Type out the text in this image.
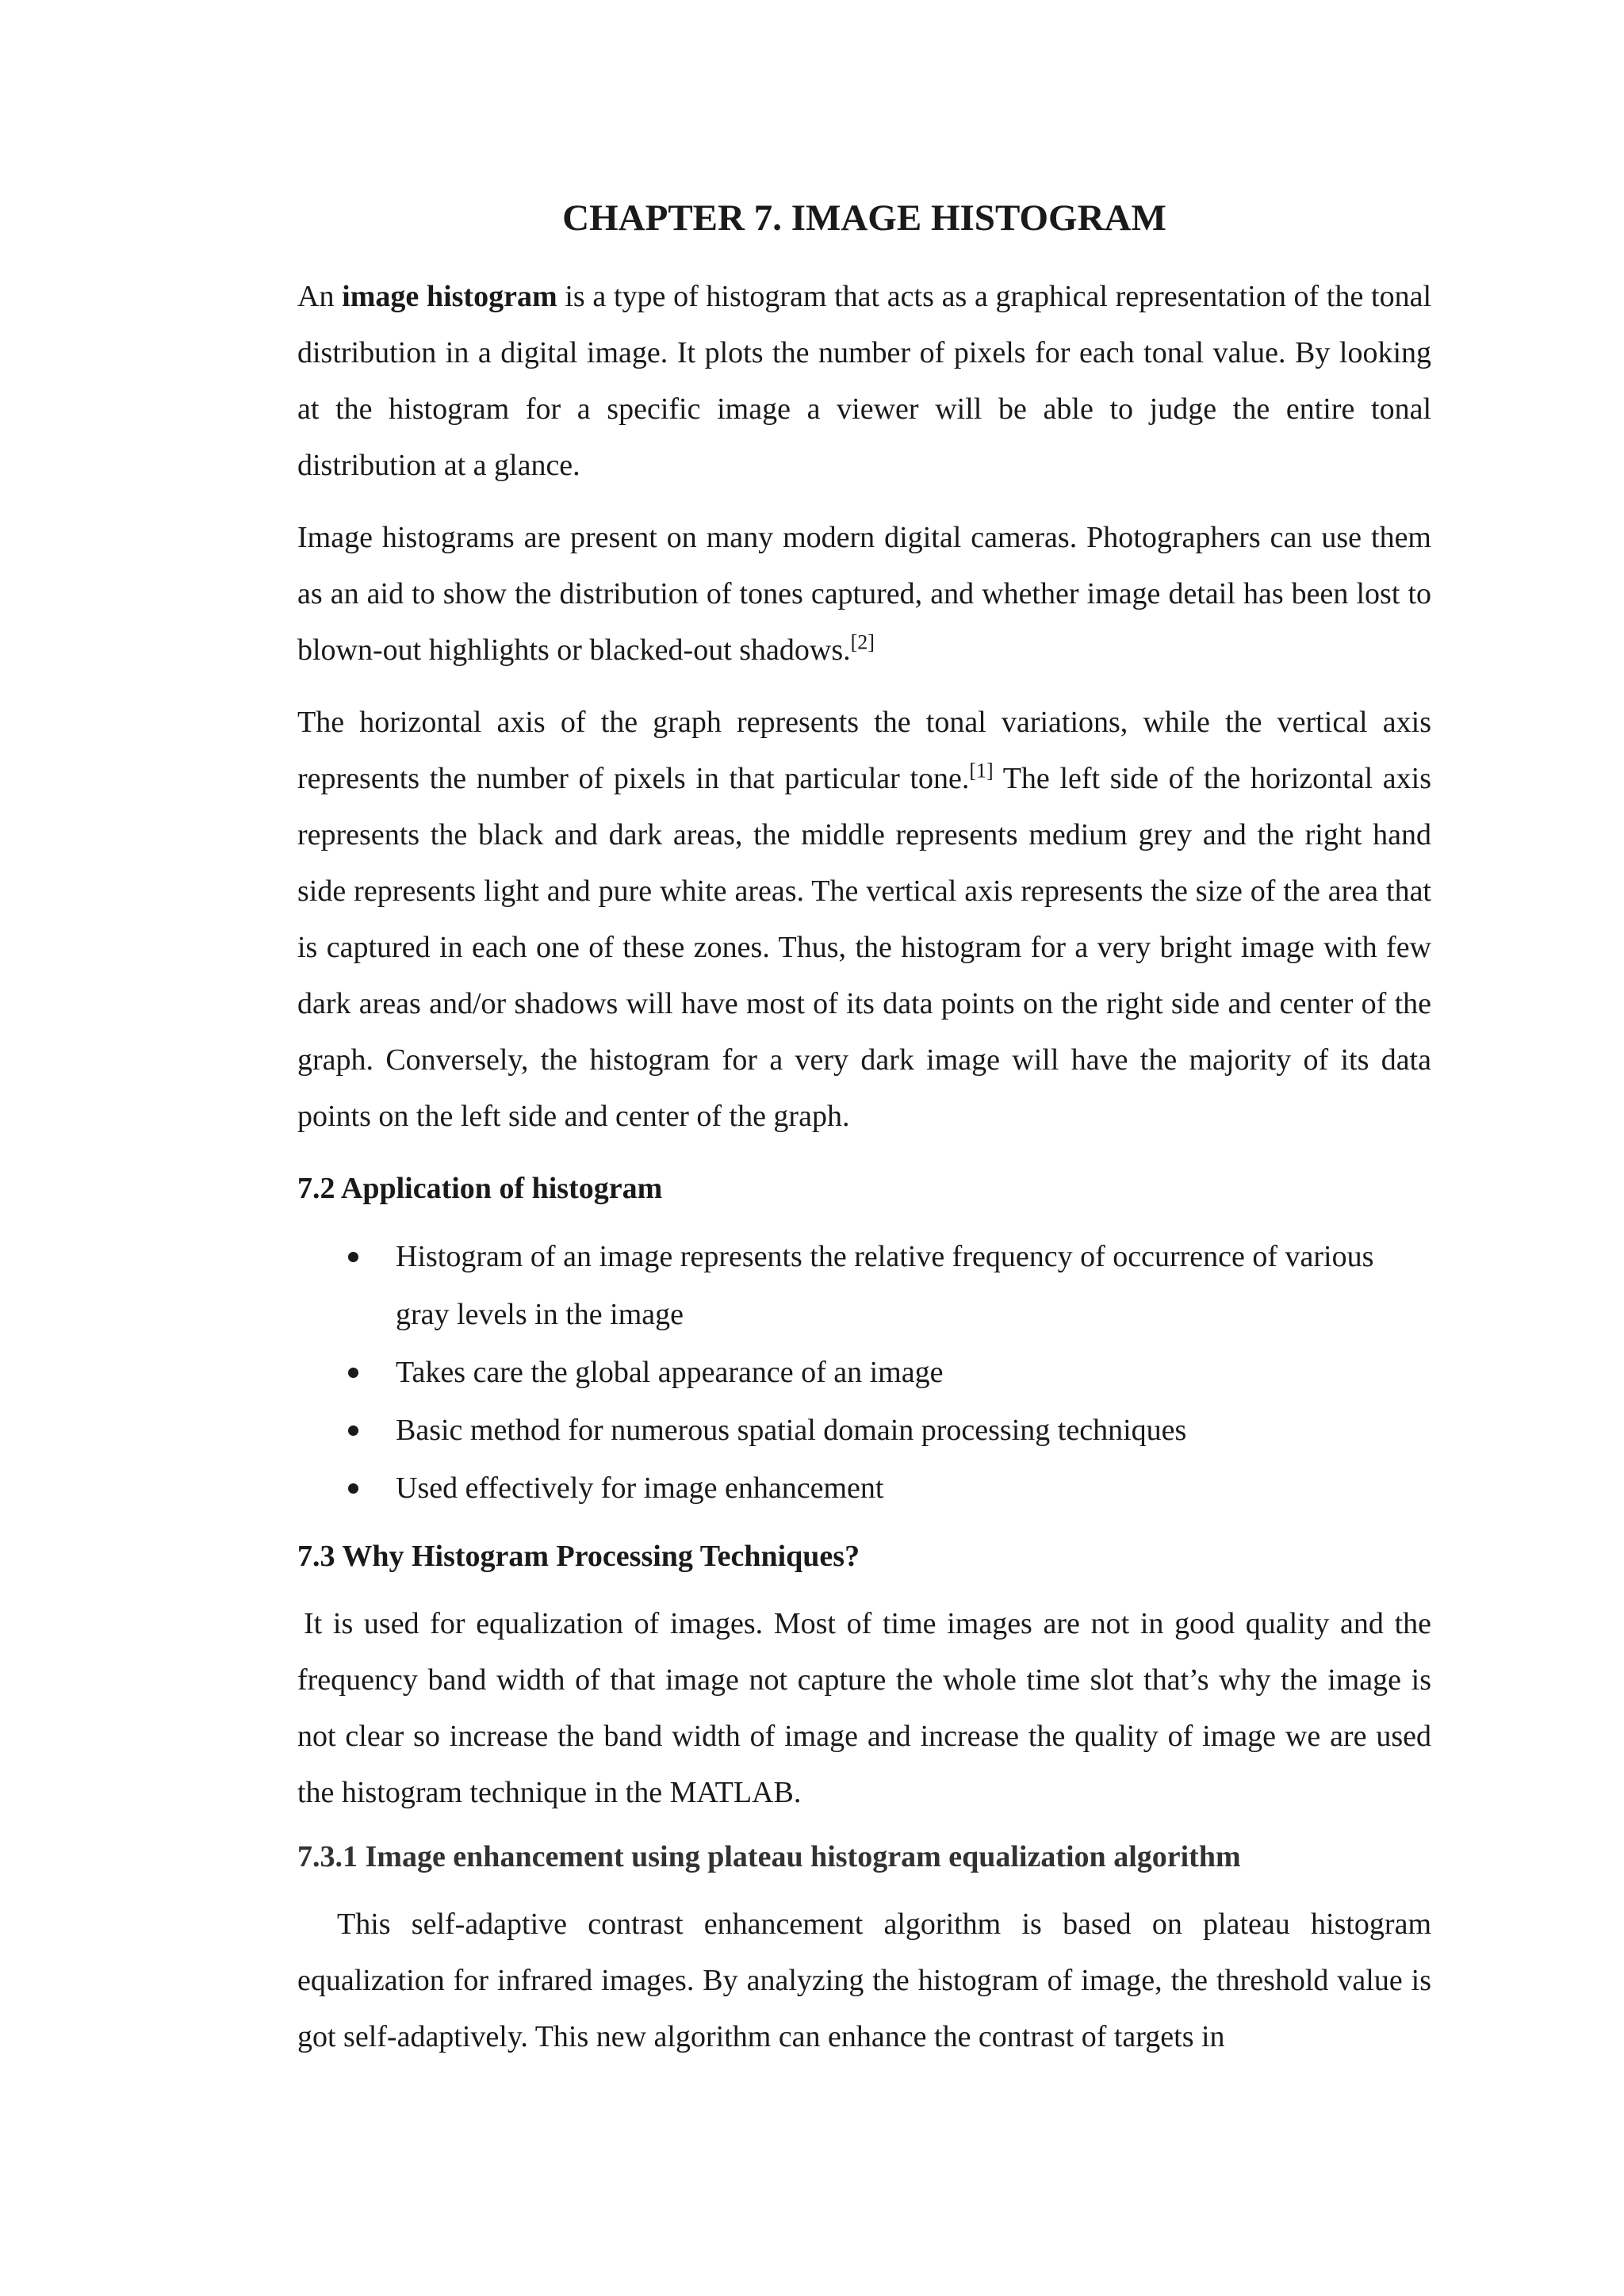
CHAPTER 7. IMAGE HISTOGRAM

An image histogram is a type of histogram that acts as a graphical representation of the tonal distribution in a digital image. It plots the number of pixels for each tonal value. By looking at the histogram for a specific image a viewer will be able to judge the entire tonal distribution at a glance.

Image histograms are present on many modern digital cameras. Photographers can use them as an aid to show the distribution of tones captured, and whether image detail has been lost to blown-out highlights or blacked-out shadows.[2]

The horizontal axis of the graph represents the tonal variations, while the vertical axis represents the number of pixels in that particular tone.[1] The left side of the horizontal axis represents the black and dark areas, the middle represents medium grey and the right hand side represents light and pure white areas. The vertical axis represents the size of the area that is captured in each one of these zones. Thus, the histogram for a very bright image with few dark areas and/or shadows will have most of its data points on the right side and center of the graph. Conversely, the histogram for a very dark image will have the majority of its data points on the left side and center of the graph.

7.2 Application of histogram
Histogram of an image represents the relative frequency of occurrence of various gray levels in the image
Takes care the global appearance of an image
Basic method for numerous spatial domain processing techniques
Used effectively for image enhancement
7.3 Why Histogram Processing Techniques?

It is used for equalization of images. Most of time images are not in good quality and the frequency band width of that image not capture the whole time slot that’s why the image is not clear so increase the band width of image and increase the quality of image we are used the histogram technique in the MATLAB.

7.3.1 Image enhancement using plateau histogram equalization algorithm

This self-adaptive contrast enhancement algorithm is based on plateau histogram equalization for infrared images. By analyzing the histogram of image, the threshold value is got self-adaptively. This new algorithm can enhance the contrast of targets in
